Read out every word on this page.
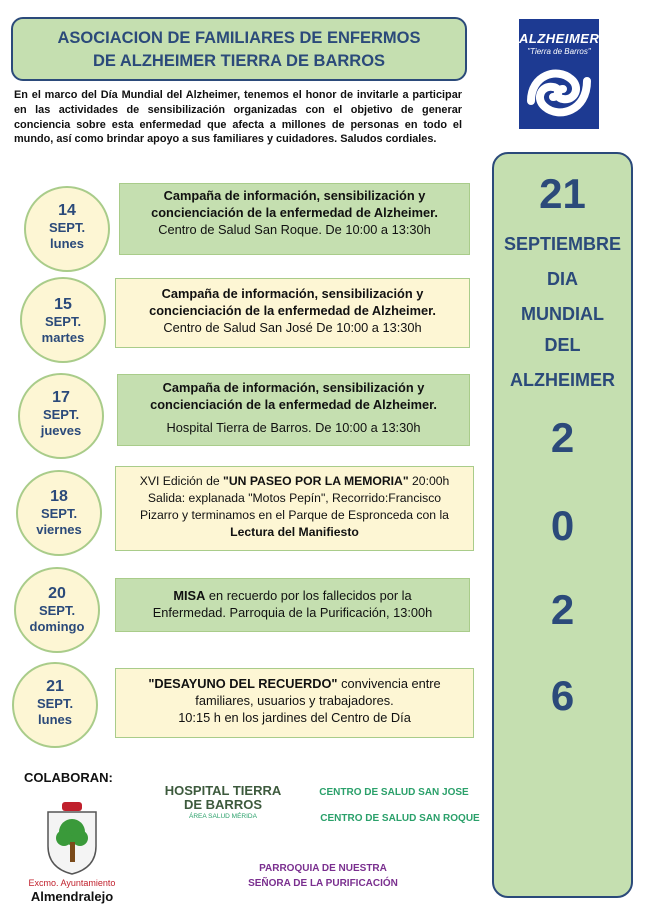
ASOCIACION DE FAMILIARES DE ENFERMOS
DE ALZHEIMER TIERRA DE BARROS
ALZHEIMER
"Tierra de Barros"
En el marco del Día Mundial del Alzheimer, tenemos el honor de invitarle a participar en las actividades de sensibilización organizadas con el objetivo de generar conciencia sobre esta enfermedad que afecta a millones de personas en todo el mundo, así como brindar apoyo a sus familiares y cuidadores. Saludos cordiales.
21
SEPTIEMBRE
DIA
MUNDIAL
DEL
ALZHEIMER
2
0
2
6
14
SEPT.
lunes
Campaña de información, sensibilización y
concienciación de la enfermedad de Alzheimer.
Centro de Salud San Roque. De 10:00 a 13:30h
15
SEPT.
martes
Campaña de información, sensibilización y
concienciación de la enfermedad de Alzheimer.
Centro de Salud San José De 10:00 a 13:30h
17
SEPT.
jueves
Campaña de información, sensibilización y
concienciación de la enfermedad de Alzheimer.
Hospital Tierra de Barros. De 10:00 a 13:30h
18
SEPT.
viernes
XVI Edición de "UN PASEO POR LA MEMORIA" 20:00h
Salida: explanada "Motos Pepín", Recorrido:Francisco
Pizarro y terminamos en el Parque de Espronceda con la
Lectura del Manifiesto
20
SEPT.
domingo
MISA en recuerdo por los fallecidos por la
Enfermedad. Parroquia de la Purificación, 13:00h
21
SEPT.
lunes
"DESAYUNO DEL RECUERDO" convivencia entre
familiares, usuarios y trabajadores.
10:15 h en los jardines del Centro de Día
COLABORAN:
Excmo. Ayuntamiento
Almendralejo
HOSPITAL TIERRA
DE BARROS
ÁREA SALUD MÉRIDA
CENTRO DE SALUD SAN JOSE
CENTRO DE SALUD SAN ROQUE
PARROQUIA DE NUESTRA
SEÑORA DE LA PURIFICACIÓN
